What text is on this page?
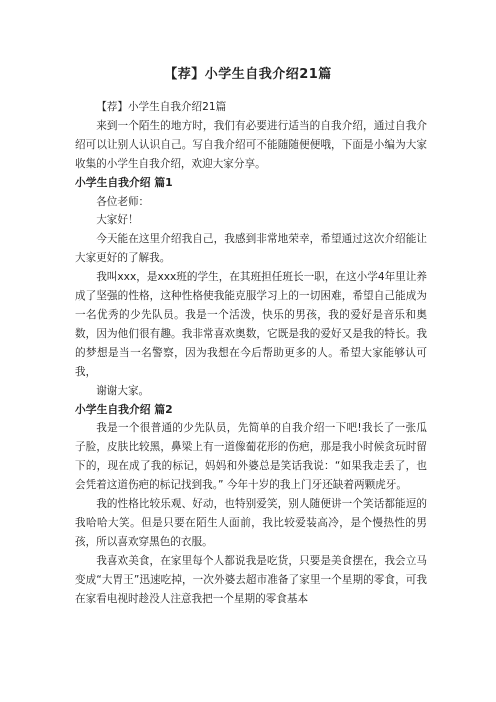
【荐】小学生自我介绍21篇

【荐】小学生自我介绍21篇

来到一个陌生的地方时，我们有必要进行适当的自我介绍，通过自我介绍可以让别人认识自己。写自我介绍可不能随随便便哦，下面是小编为大家收集的小学生自我介绍，欢迎大家分享。

小学生自我介绍 篇1

各位老师：

大家好！

今天能在这里介绍我自己，我感到非常地荣幸，希望通过这次介绍能让大家更好的了解我。

我叫xxx，是xxx班的学生，在其班担任班长一职，在这小学4年里让养成了坚强的性格，这种性格使我能克服学习上的一切困难，希望自己能成为一名优秀的少先队员。我是一个活泼，快乐的男孩，我的爱好是音乐和奥数，因为他们很有趣。我非常喜欢奥数，它既是我的爱好又是我的特长。我的梦想是当一名警察，因为我想在今后帮助更多的人。希望大家能够认可我，

谢谢大家。

小学生自我介绍 篇2

我是一个很普通的少先队员，先简单的自我介绍一下吧!我长了一张瓜子脸，皮肤比较黑，鼻梁上有一道像葡花形的伤疤，那是我小时候贪玩时留下的，现在成了我的标记，妈妈和外婆总是笑话我说：“如果我走丢了，也会凭着这道伤疤的标记找到我。” 今年十岁的我上门牙还缺着两颗虎牙。

我的性格比较乐观、好动，也特别爱笑，别人随便讲一个笑话都能逗的我哈哈大笑。但是只要在陌生人面前，我比较爱装高冷，是个慢热性的男孩，所以喜欢穿黑色的衣服。

我喜欢美食，在家里每个人都说我是吃货，只要是美食摆在，我会立马变成“大胃王”迅速吃掉，一次外婆去超市准备了家里一个星期的零食，可我在家看电视时趁没人注意我把一个星期的零食基本
